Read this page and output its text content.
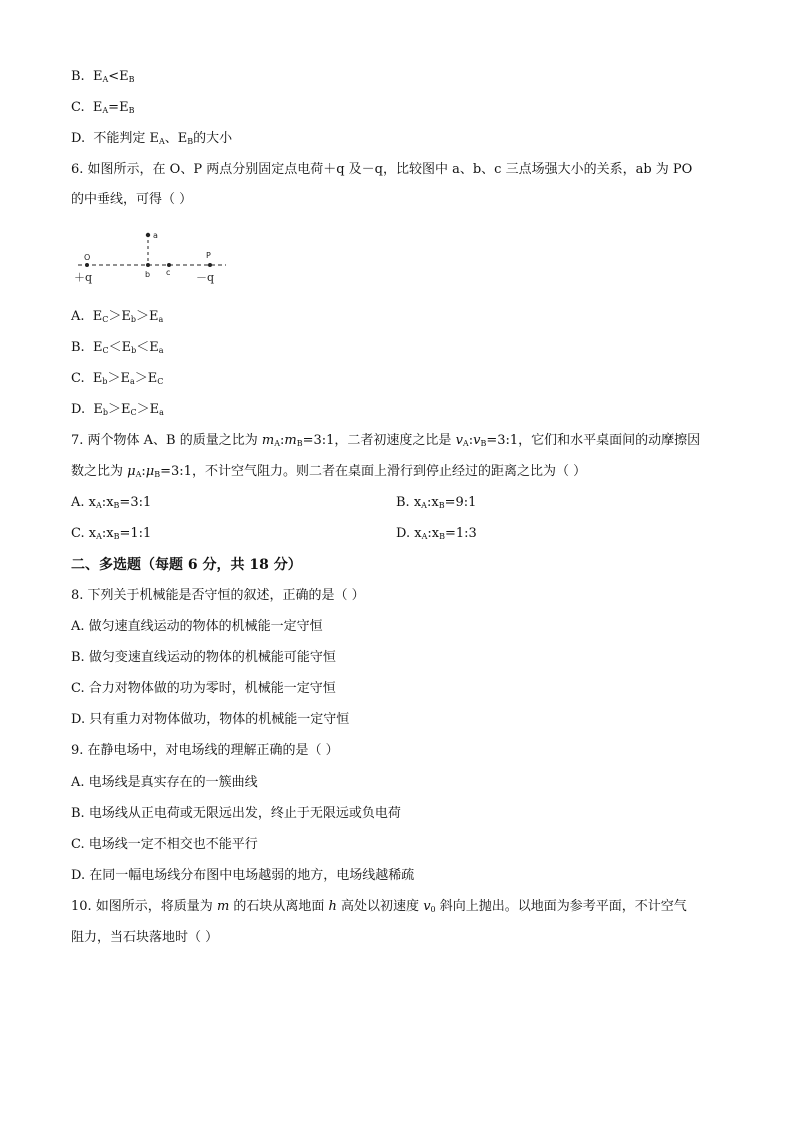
B. $E_A<E_B$
C. $E_A=E_B$
D. 不能判定 $E_A$、$E_B$的大小
6. 如图所示，在 O、P 两点分别固定点电荷＋q 及－q，比较图中 a、b、c 三点场强大小的关系，ab 为 PO
的中垂线，可得（ ）
O
a
b c
P
＋q	－q
A. $E_C>E_b>E_a$
B. $E_C<E_b<E_a$
C. $E_b>E_a>E_C$
D. $E_b>E_C>E_a$
7. 两个物体 A、B 的质量之比为 $m_A:m_B=3:1$，二者初速度之比是 $v_A:v_B=3:1$，它们和水平桌面间的动摩擦因
数之比为 $\mu_A:\mu_B=3:1$，不计空气阻力。则二者在桌面上滑行到停止经过的距离之比为（ ）
A. $x_A:x_B=3:1$	B. $x_A:x_B=9:1$
C. $x_A:x_B=1:1$	D. $x_A:x_B=1:3$
二、多选题（每题 6 分，共 18 分）
8. 下列关于机械能是否守恒的叙述，正确的是（ ）
A. 做匀速直线运动的物体的机械能一定守恒
B. 做匀变速直线运动的物体的机械能可能守恒
C. 合力对物体做的功为零时，机械能一定守恒
D. 只有重力对物体做功，物体的机械能一定守恒
9. 在静电场中，对电场线的理解正确的是（ ）
A. 电场线是真实存在的一簇曲线
B. 电场线从正电荷或无限远出发，终止于无限远或负电荷
C. 电场线一定不相交也不能平行
D. 在同一幅电场线分布图中电场越弱的地方，电场线越稀疏
10. 如图所示，将质量为 m 的石块从离地面 h 高处以初速度 $v_0$ 斜向上抛出。以地面为参考平面，不计空气
阻力，当石块落地时（ ）
